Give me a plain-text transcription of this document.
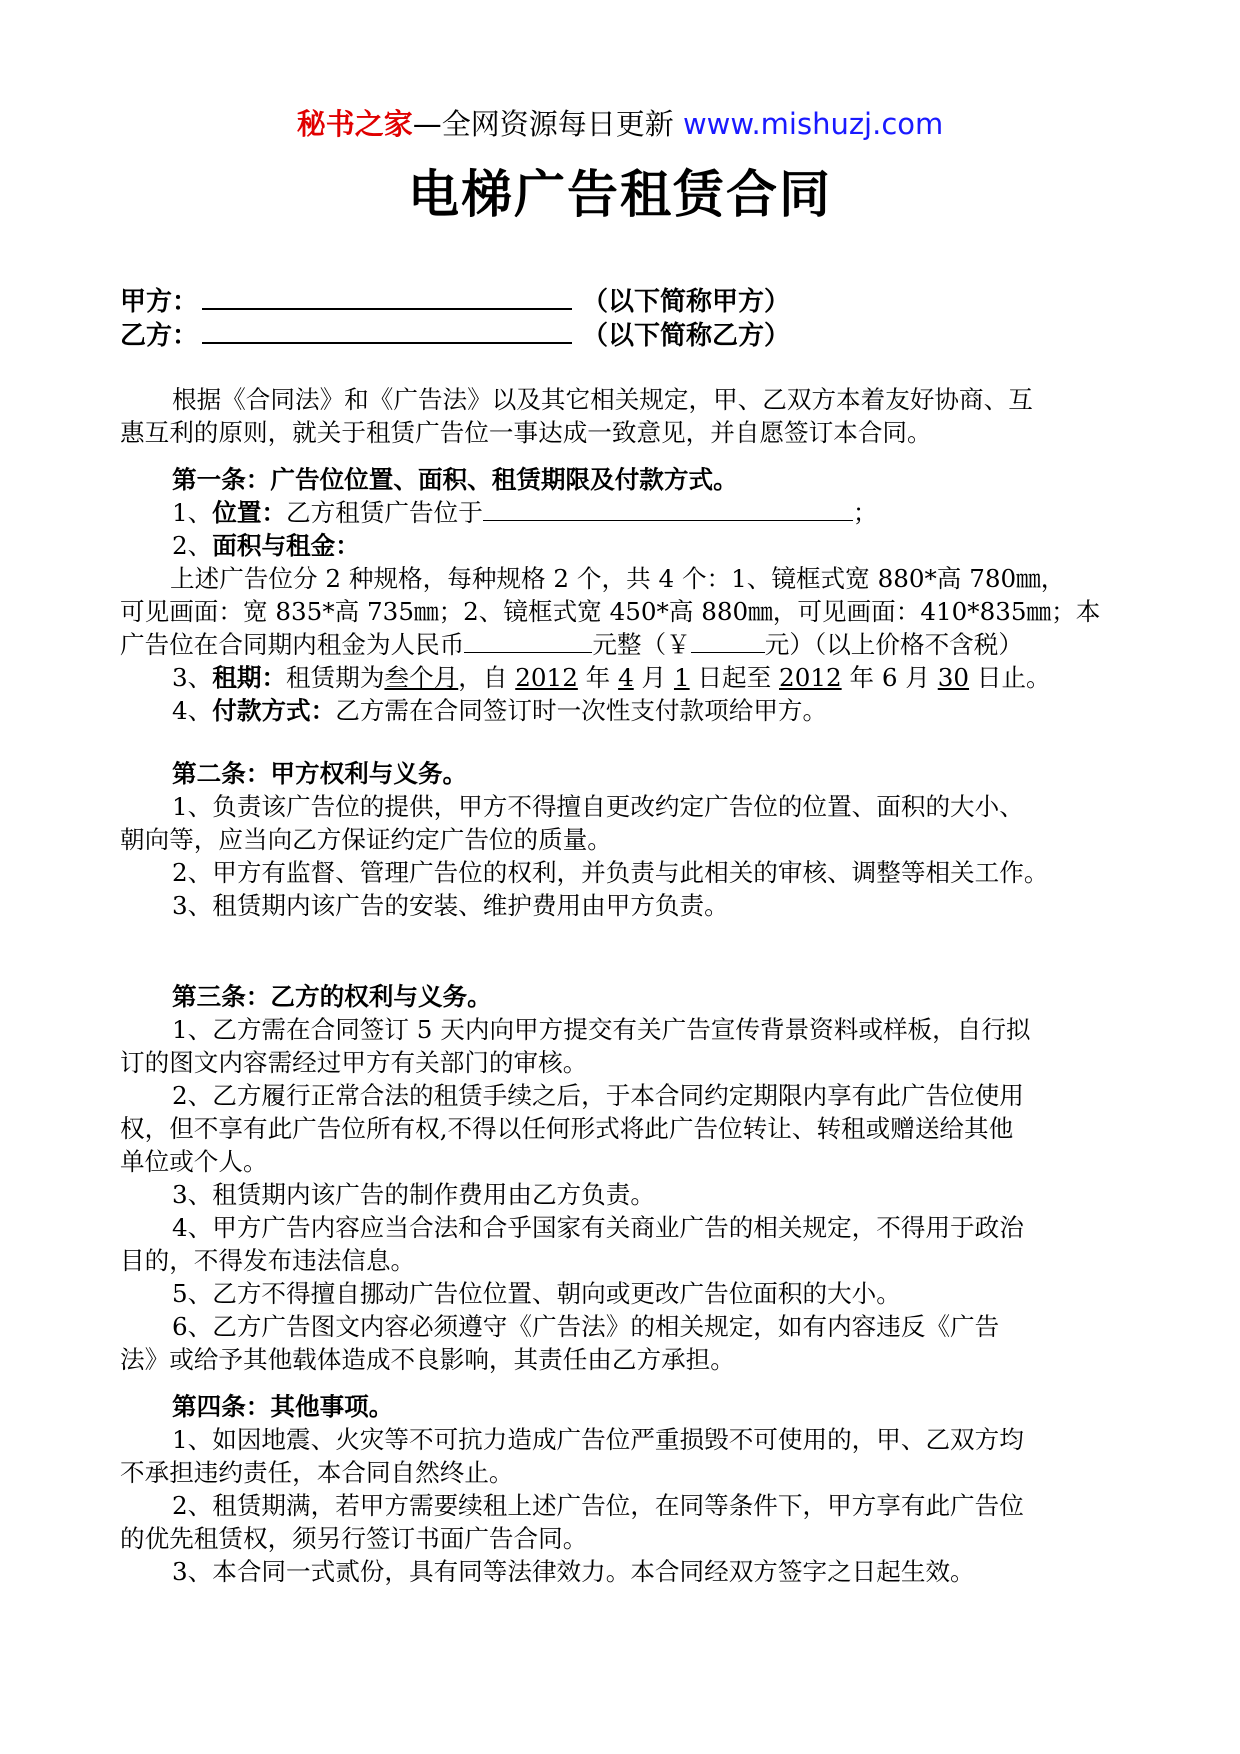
秘书之家—全网资源每日更新 www.mishuzj.com
电梯广告租赁合同
甲方：	（以下简称甲方）
乙方：	（以下简称乙方）

根据《合同法》和《广告法》以及其它相关规定，甲、乙双方本着友好协商、互

惠互利的原则，就关于租赁广告位一事达成一致意见，并自愿签订本合同。

第一条：广告位位置、面积、租赁期限及付款方式。

1、位置：乙方租赁广告位于	；

2、面积与租金：

上述广告位分 2 种规格，每种规格 2 个，共 4 个：1、镜框式宽 880*高 780㎜，

可见画面：宽 835*高 735㎜；2、镜框式宽 450*高 880㎜，可见画面：410*835㎜；本

广告位在合同期内租金为人民币	元整（￥	元）（以上价格不含税）

3、租期：租赁期为叁个月，自 2012 年 4 月 1 日起至 2012 年 6 月 30 日止。

4、付款方式：乙方需在合同签订时一次性支付款项给甲方。

第二条：甲方权利与义务。

1、负责该广告位的提供，甲方不得擅自更改约定广告位的位置、面积的大小、

朝向等，应当向乙方保证约定广告位的质量。

2、甲方有监督、管理广告位的权利，并负责与此相关的审核、调整等相关工作。

3、租赁期内该广告的安装、维护费用由甲方负责。

第三条：乙方的权利与义务。

1、乙方需在合同签订 5 天内向甲方提交有关广告宣传背景资料或样板，自行拟

订的图文内容需经过甲方有关部门的审核。

2、乙方履行正常合法的租赁手续之后，于本合同约定期限内享有此广告位使用

权，但不享有此广告位所有权,不得以任何形式将此广告位转让、转租或赠送给其他

单位或个人。

3、租赁期内该广告的制作费用由乙方负责。

4、甲方广告内容应当合法和合乎国家有关商业广告的相关规定，不得用于政治

目的，不得发布违法信息。

5、乙方不得擅自挪动广告位位置、朝向或更改广告位面积的大小。

6、乙方广告图文内容必须遵守《广告法》的相关规定，如有内容违反《广告

法》或给予其他载体造成不良影响，其责任由乙方承担。

第四条：其他事项。

1、如因地震、火灾等不可抗力造成广告位严重损毁不可使用的，甲、乙双方均

不承担违约责任，本合同自然终止。

2、租赁期满，若甲方需要续租上述广告位，在同等条件下，甲方享有此广告位

的优先租赁权，须另行签订书面广告合同。

3、本合同一式贰份，具有同等法律效力。本合同经双方签字之日起生效。
